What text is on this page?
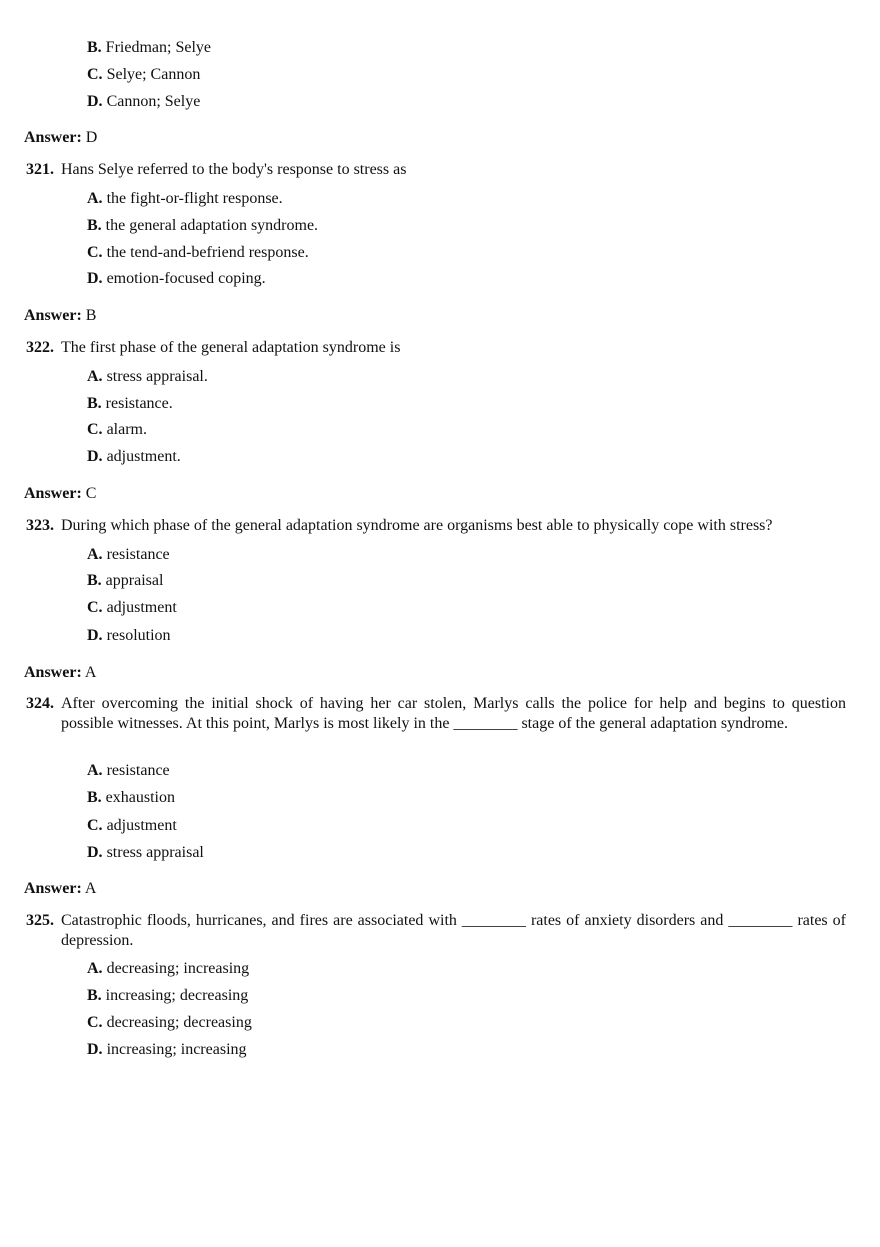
B. Friedman; Selye
C. Selye; Cannon
D. Cannon; Selye
Answer: D
321. Hans Selye referred to the body's response to stress as
A. the fight-or-flight response.
B. the general adaptation syndrome.
C. the tend-and-befriend response.
D. emotion-focused coping.
Answer: B
322. The first phase of the general adaptation syndrome is
A. stress appraisal.
B. resistance.
C. alarm.
D. adjustment.
Answer: C
323. During which phase of the general adaptation syndrome are organisms best able to physically cope with stress?
A. resistance
B. appraisal
C. adjustment
D. resolution
Answer: A
324. After overcoming the initial shock of having her car stolen, Marlys calls the police for help and begins to question possible witnesses. At this point, Marlys is most likely in the ________ stage of the general adaptation syndrome.
A. resistance
B. exhaustion
C. adjustment
D. stress appraisal
Answer: A
325. Catastrophic floods, hurricanes, and fires are associated with ________ rates of anxiety disorders and ________ rates of depression.
A. decreasing; increasing
B. increasing; decreasing
C. decreasing; decreasing
D. increasing; increasing
